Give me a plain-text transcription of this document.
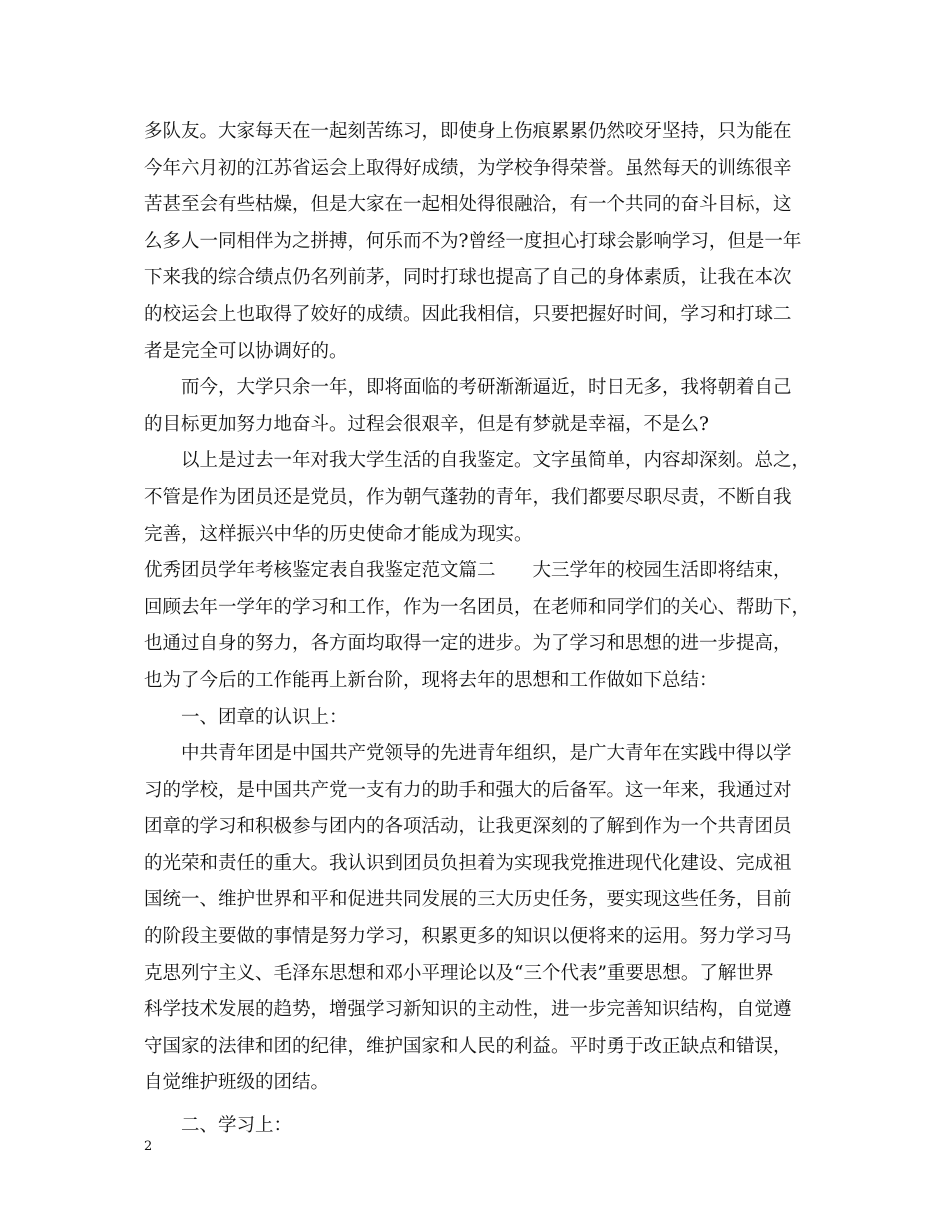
多队友。大家每天在一起刻苦练习，即使身上伤痕累累仍然咬牙坚持，只为能在
今年六月初的江苏省运会上取得好成绩，为学校争得荣誉。虽然每天的训练很辛
苦甚至会有些枯燥，但是大家在一起相处得很融洽，有一个共同的奋斗目标，这
么多人一同相伴为之拼搏，何乐而不为?曾经一度担心打球会影响学习，但是一年
下来我的综合绩点仍名列前茅，同时打球也提高了自己的身体素质，让我在本次
的校运会上也取得了姣好的成绩。因此我相信，只要把握好时间，学习和打球二
者是完全可以协调好的。
　　而今，大学只余一年，即将面临的考研渐渐逼近，时日无多，我将朝着自己
的目标更加努力地奋斗。过程会很艰辛，但是有梦就是幸福，不是么?
　　以上是过去一年对我大学生活的自我鉴定。文字虽简单，内容却深刻。总之，
不管是作为团员还是党员，作为朝气蓬勃的青年，我们都要尽职尽责，不断自我
完善，这样振兴中华的历史使命才能成为现实。
优秀团员学年考核鉴定表自我鉴定范文篇二　　大三学年的校园生活即将结束，
回顾去年一学年的学习和工作，作为一名团员，在老师和同学们的关心、帮助下，
也通过自身的努力，各方面均取得一定的进步。为了学习和思想的进一步提高，
也为了今后的工作能再上新台阶，现将去年的思想和工作做如下总结：
　　一、团章的认识上：
　　中共青年团是中国共产党领导的先进青年组织，是广大青年在实践中得以学
习的学校，是中国共产党一支有力的助手和强大的后备军。这一年来，我通过对
团章的学习和积极参与团内的各项活动，让我更深刻的了解到作为一个共青团员
的光荣和责任的重大。我认识到团员负担着为实现我党推进现代化建设、完成祖
国统一、维护世界和平和促进共同发展的三大历史任务，要实现这些任务，目前
的阶段主要做的事情是努力学习，积累更多的知识以便将来的运用。努力学习马
克思列宁主义、毛泽东思想和邓小平理论以及“三个代表”重要思想。了解世界
科学技术发展的趋势，增强学习新知识的主动性，进一步完善知识结构，自觉遵
守国家的法律和团的纪律，维护国家和人民的利益。平时勇于改正缺点和错误，
自觉维护班级的团结。
　　二、学习上：
2
